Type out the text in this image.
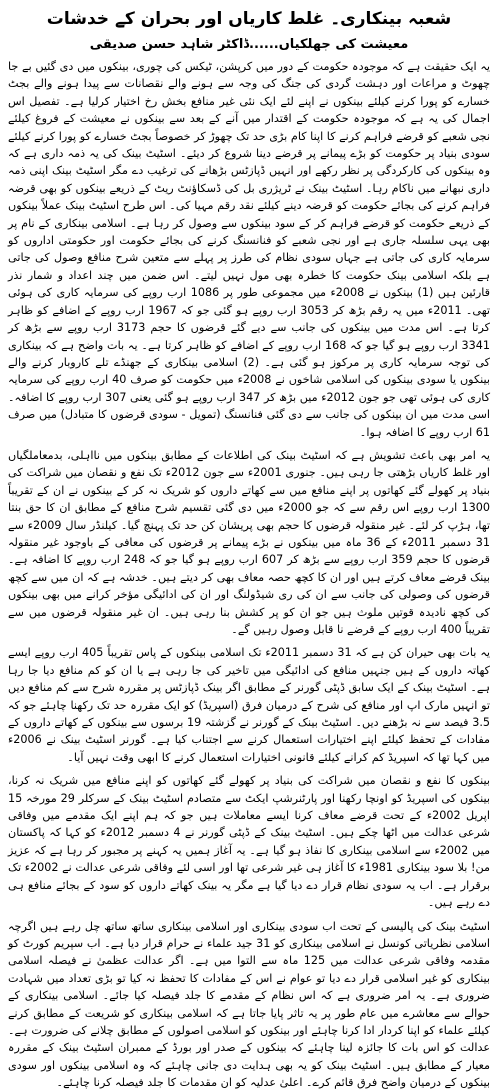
شعبہ بینکاری۔ غلط کاریاں اور بحران کے خدشات
معیشت کی جھلکیاں......ڈاکٹر شاہد حسن صدیقی

یہ ایک حقیقت ہے کہ موجودہ حکومت کے دور میں کرپشن، ٹیکس کی چوری، بینکوں میں دی گئیں بے جا چھوٹ و مراعات اور دہشت گردی کی جنگ کی وجہ سے ہونے والے نقصانات سے پیدا ہونے والے بجٹ خسارے کو پورا کرنے کیلئے بینکوں نے اپنے لئے ایک نئی غیر منافع بخش رخ اختیار کرلیا ہے۔ تفصیل اس اجمال کی یہ ہے کہ موجودہ حکومت کے اقتدار میں آنے کے بعد سے بینکوں نے معیشت کے فروغ کیلئے نجی شعبے کو قرضے فراہم کرنے کا اپنا کام بڑی حد تک چھوڑ کر خصوصاً بجٹ خسارے کو پورا کرنے کیلئے سودی بنیاد پر حکومت کو بڑے پیمانے پر قرضے دینا شروع کر دیئے۔ اسٹیٹ بینک کی یہ ذمہ داری ہے کہ وہ بینکوں کی کارکردگی پر نظر رکھے اور انہیں ڈپازٹس بڑھانے کی ترغیب دے مگر اسٹیٹ بینک اپنی ذمہ داری نبھانے میں ناکام رہا۔ اسٹیٹ بینک نے ٹریژری بل کی ڈسکاؤنٹ ریٹ کے ذریعے بینکوں کو بھی قرضہ فراہم کرنے کی بجائے حکومت کو قرضہ دینے کیلئے نقد رقم مہیا کی۔ اس طرح اسٹیٹ بینک عملاً بینکوں کے ذریعے حکومت کو قرضے فراہم کر کے سود بینکوں سے وصول کر رہا ہے۔ اسلامی بینکاری کے نام پر بھی یہی سلسلہ جاری ہے اور نجی شعبے کو فنانسنگ کرنے کی بجائے حکومت اور حکومتی اداروں کو سرمایہ کاری کی جاتی ہے جہاں سودی نظام کی طرز پر پہلے سے متعین شرح منافع وصول کی جاتی ہے بلکہ اسلامی بینک حکومت کا خطرہ بھی مول نہیں لیتے۔ اس ضمن میں چند اعداد و شمار نذر قارئین ہیں (1) بینکوں نے 2008ء میں مجموعی طور پر 1086 ارب روپے کی سرمایہ کاری کی ہوئی تھی۔ 2011ء میں یہ رقم بڑھ کر 3053 ارب روپے ہو گئی جو کہ 1967 ارب روپے کے اضافے کو ظاہر کرتا ہے۔ اس مدت میں بینکوں کی جانب سے دیے گئے قرضوں کا حجم 3173 ارب روپے سے بڑھ کر 3341 ارب روپے ہو گیا جو کہ 168 ارب روپے کے اضافے کو ظاہر کرتا ہے۔ یہ بات واضح ہے کہ بینکاری کی توجہ سرمایہ کاری پر مرکوز ہو گئی ہے۔ (2) اسلامی بینکاری کے جھنڈے تلے کاروبار کرنے والے بینکوں یا سودی بینکوں کی اسلامی شاخوں نے 2008ء میں حکومت کو صرف 40 ارب روپے کی سرمایہ کاری کی ہوئی تھی جو جون 2012ء میں بڑھ کر 347 ارب روپے ہو گئی یعنی 307 ارب روپے کا اضافہ۔ اسی مدت میں ان بینکوں کی جانب سے دی گئی فنانسنگ (تمویل - سودی قرضوں کا متبادل) میں صرف 61 ارب روپے کا اضافہ ہوا۔

یہ امر بھی باعث تشویش ہے کہ اسٹیٹ بینک کی اطلاعات کے مطابق بینکوں میں نااہلی، بدمعاملگیاں اور غلط کاریاں بڑھتی جا رہی ہیں۔ جنوری 2001ء سے جون 2012ء تک نفع و نقصان میں شراکت کی بنیاد پر کھولے گئے کھاتوں پر اپنے منافع میں سے کھاتے داروں کو شریک نہ کر کے بینکوں نے ان کے تقریباً 1300 ارب روپے اس رقم سے کہ جو 2000ء میں دی گئی تقسیم شرح منافع کے مطابق ان کا حق بنتا تھا، ہڑپ کر لئے۔ غیر منقولہ قرضوں کا حجم بھی پریشان کن حد تک پہنچ گیا۔ کیلنڈر سال 2009ء سے 31 دسمبر 2011ء کے 36 ماہ میں بینکوں نے بڑے پیمانے پر قرضوں کی معافی کے باوجود غیر منقولہ قرضوں کا حجم 359 ارب روپے سے بڑھ کر 607 ارب روپے ہو گیا جو کہ 248 ارب روپے کا اضافہ ہے۔ بینک قرضے معاف کرتے ہیں اور ان کا کچھ حصہ معاف بھی کر دیتے ہیں۔ خدشہ ہے کہ ان میں سے کچھ قرضوں کی وصولی کی جانب سے ان کی ری شیڈولنگ اور ان کی ادائیگی مؤخر کرانے میں بھی بینکوں کی کچھ نادیدہ قوتیں ملوث ہیں جو ان کو پر کشش بنا رہی ہیں۔ ان غیر منقولہ قرضوں میں سے تقریباً 400 ارب روپے کے قرضے نا قابل وصول رہیں گے۔

یہ بات بھی حیران کن ہے کہ 31 دسمبر 2011ء تک اسلامی بینکوں کے پاس تقریباً 405 ارب روپے ایسے کھاتہ داروں کے ہیں جنہیں منافع کی ادائیگی میں تاخیر کی جا رہی ہے یا ان کو کم منافع دیا جا رہا ہے۔ اسٹیٹ بینک کے ایک سابق ڈپٹی گورنر کے مطابق اگر بینک ڈپازٹس پر مقررہ شرح سے کم منافع دیں تو انہیں مارک اپ اور منافع کی شرح کے درمیان فرق (اسپریڈ) کو ایک مقررہ حد تک رکھنا چاہئے جو کہ 3.5 فیصد سے نہ بڑھنے دیں۔ اسٹیٹ بینک کے گورنر نے گزشتہ 19 برسوں سے بینکوں کے کھاتے داروں کے مفادات کے تحفظ کیلئے اپنے اختیارات استعمال کرنے سے اجتناب کیا ہے۔ گورنر اسٹیٹ بینک نے 2006ء میں کہا تھا کہ اسپریڈ کم کرانے کیلئے قانونی اختیارات استعمال کرنے کا ابھی وقت نہیں آیا۔

بینکوں کا نفع و نقصان میں شراکت کی بنیاد پر کھولے گئے کھاتوں کو اپنے منافع میں شریک نہ کرنا، بینکوں کی اسپریڈ کو اونچا رکھنا اور پارٹنرشپ ایکٹ سے متصادم اسٹیٹ بینک کے سرکلر 29 مورخہ 15 اپریل 2002ء کے تحت قرضے معاف کرنا ایسے معاملات ہیں جو کہ ہم اپنے ایک مقدمے میں وفاقی شرعی عدالت میں اٹھا چکے ہیں۔ اسٹیٹ بینک کے ڈپٹی گورنر نے 4 دسمبر 2012ء کو کہا کہ پاکستان میں 2002ء سے اسلامی بینکاری کا نفاذ ہو گیا ہے۔ یہ آغاز ہمیں یہ کہنے پر مجبور کر رہا ہے کہ عزیز من! بلا سود بینکاری 1981ء کا آغاز ہی غیر شرعی تھا اور اسی لئے وفاقی شرعی عدالت نے 2002ء تک برقرار ہے۔ اب یہ سودی نظام قرار دے دیا گیا ہے مگر یہ بینک کھاتے داروں کو سود کے بجائے منافع ہی دے رہے ہیں۔

اسٹیٹ بینک کی پالیسی کے تحت اب سودی بینکاری اور اسلامی بینکاری ساتھ ساتھ چل رہے ہیں اگرچہ اسلامی نظریاتی کونسل نے اسلامی بینکاری کو 31 جید علماء نے حرام قرار دیا ہے۔ اب سپریم کورٹ کو مقدمہ وفاقی شرعی عدالت میں 125 ماہ سے التوا میں ہے۔ اگر عدالت عظمیٰ نے فیصلہ اسلامی بینکاری کو غیر اسلامی قرار دے دیا تو عوام نے اس کے مفادات کا تحفظ نہ کیا تو بڑی تعداد میں شہادت ضروری ہے۔ یہ امر ضروری ہے کہ اس نظام کے مقدمے کا جلد فیصلہ کیا جائے۔ اسلامی بینکاری کے حوالے سے معاشرے میں عام طور پر یہ تاثر پایا جاتا ہے کہ اسلامی بینکاری کو شریعت کے مطابق کرنے کیلئے علماء کو اپنا کردار ادا کرنا چاہئے اور بینکوں کو اسلامی اصولوں کے مطابق چلانے کی ضرورت ہے۔ عدالت کو اس بات کا جائزہ لینا چاہئے کہ بینکوں کے صدر اور بورڈ کے ممبران اسٹیٹ بینک کے مقررہ معیار کے مطابق ہیں۔ اسٹیٹ بینک کو یہ بھی ہدایت دی جانی چاہئے کہ وہ اسلامی بینکوں اور سودی بینکوں کے درمیان واضح فرق قائم کرے۔ اعلیٰ عدلیہ کو ان مقدمات کا جلد فیصلہ کرنا چاہئے۔
